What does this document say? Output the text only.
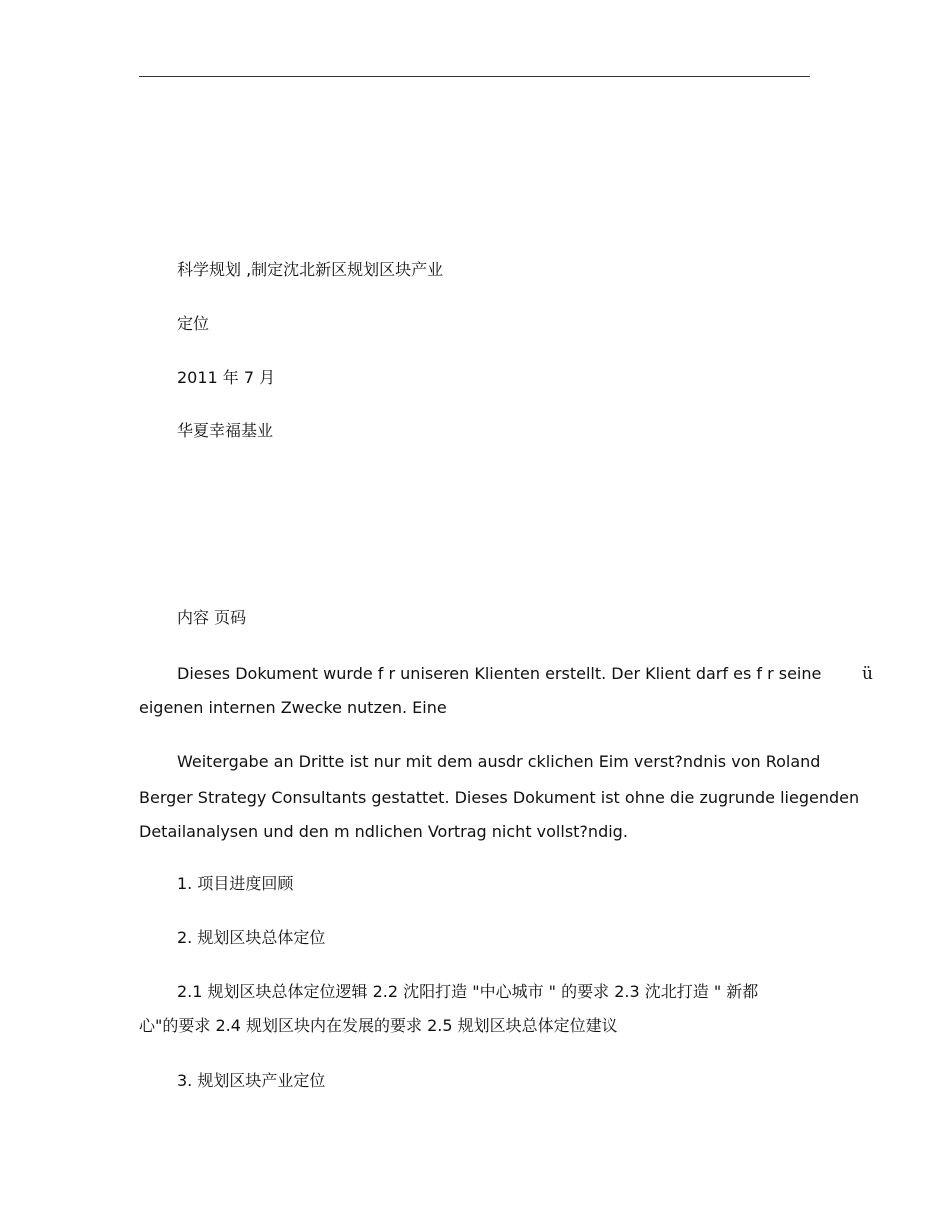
科学规划 ,制定沈北新区规划区块产业
定位
2011 年 7 月
华夏幸福基业
内容 页码
Dieses Dokument wurde f r uniseren Klienten erstellt. Der Klient darf es f r seine ü
eigenen internen Zwecke nutzen. Eine
Weitergabe an Dritte ist nur mit dem ausdr cklichen Eim verst?ndnis von Roland
Berger Strategy Consultants gestattet. Dieses Dokument ist ohne die zugrunde liegenden
Detailanalysen und den m ndlichen Vortrag nicht vollst?ndig.
1. 项目进度回顾
2. 规划区块总体定位
2.1 规划区块总体定位逻辑 2.2 沈阳打造 "中心城市 " 的要求 2.3 沈北打造 " 新都
心"的要求 2.4 规划区块内在发展的要求 2.5 规划区块总体定位建议
3. 规划区块产业定位
